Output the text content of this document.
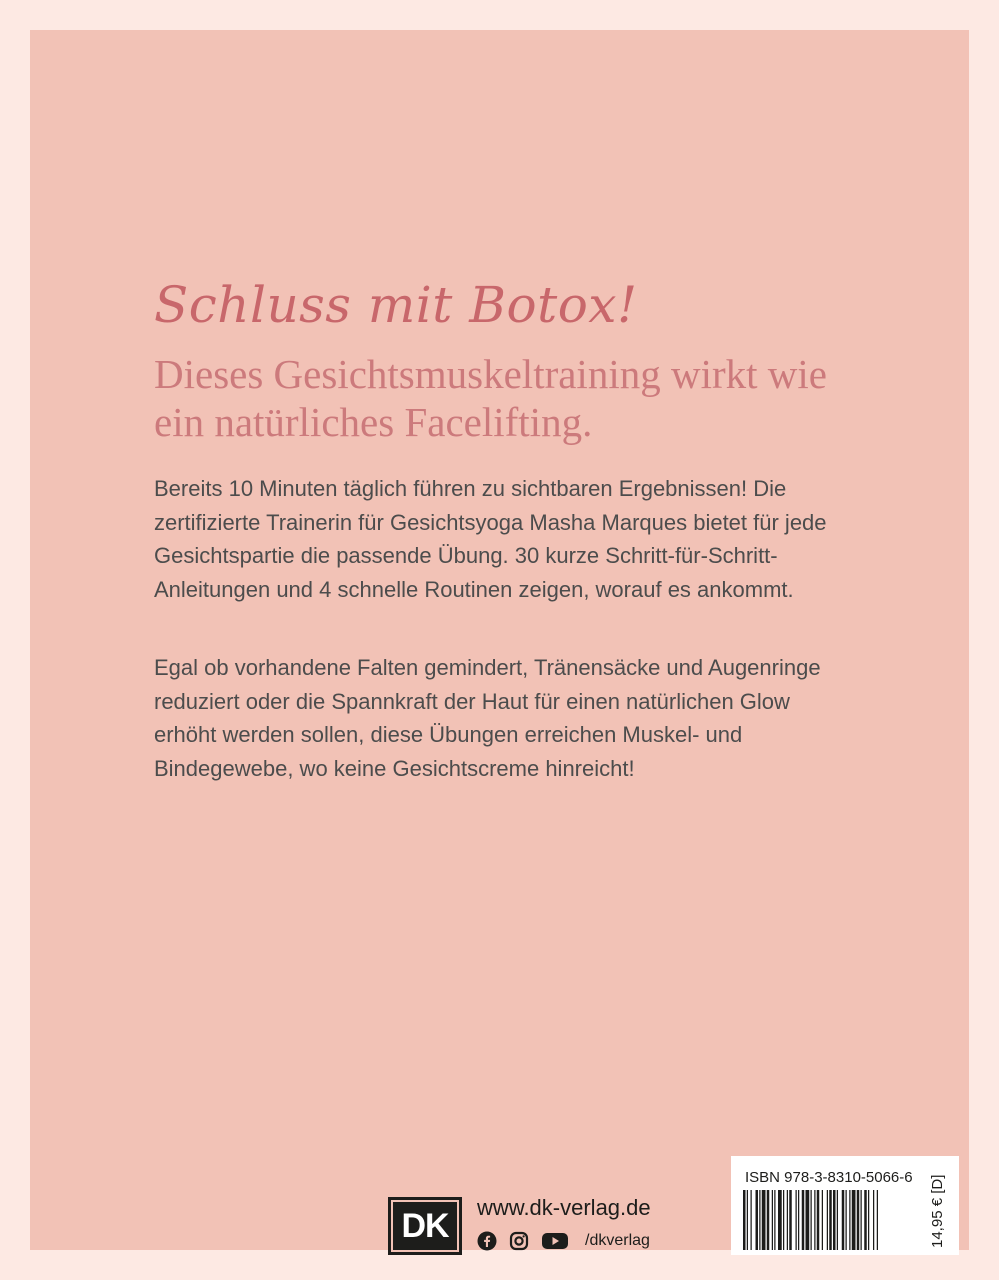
Schluss mit Botox!
Dieses Gesichtsmuskeltraining wirkt wie ein natürliches Facelifting.

Bereits 10 Minuten täglich führen zu sichtbaren Ergebnissen! Die zertifizierte Trainerin für Gesichtsyoga Masha Marques bietet für jede Gesichtspartie die passende Übung. 30 kurze Schritt-für-Schritt-Anleitungen und 4 schnelle Routinen zeigen, worauf es ankommt.

Egal ob vorhandene Falten gemindert, Tränensäcke und Augenringe reduziert oder die Spannkraft der Haut für einen natürlichen Glow erhöht werden sollen, diese Übungen erreichen Muskel- und Bindegewebe, wo keine Gesichtscreme hinreicht!

DK	www.dk-verlag.de
/dkverlag
ISBN 978-3-8310-5066-6 14,95 € [D]
